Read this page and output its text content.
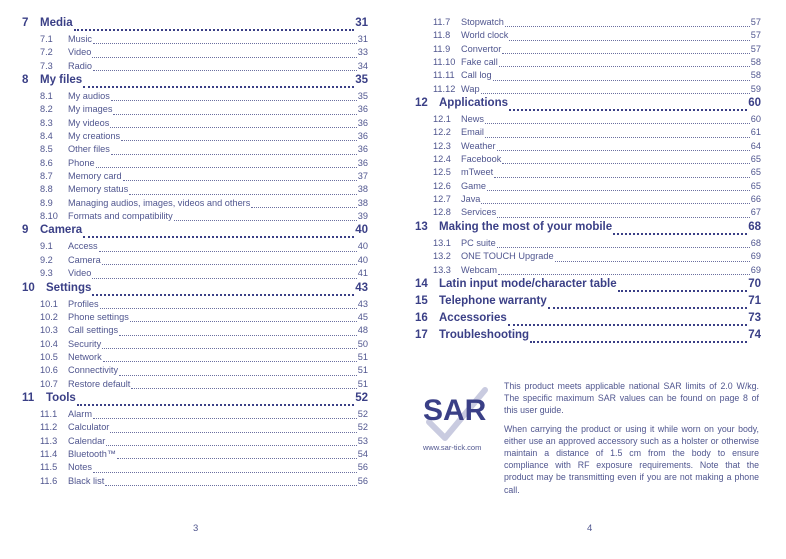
7	Media	31
7.1	Music	31
7.2	Video	33
7.3	Radio	34
8	My files	35
8.1	My audios	35
8.2	My images	36
8.3	My videos	36
8.4	My creations	36
8.5	Other files	36
8.6	Phone	36
8.7	Memory card	37
8.8	Memory status	38
8.9	Managing audios, images, videos and others	38
8.10	Formats and compatibility	39
9	Camera	40
9.1	Access	40
9.2	Camera	40
9.3	Video	41
10 Settings	43
10.1	Profiles	43
10.2	Phone settings	45
10.3	Call settings	48
10.4	Security	50
10.5	Network	51
10.6	Connectivity	51
10.7	Restore default	51
11	Tools	52
11.1	Alarm	52
11.2	Calculator	52
11.3	Calendar	53
11.4	Bluetooth™	54
11.5	Notes	56
11.6	Black list	56
3
11.7	Stopwatch	57
11.8	World clock	57
11.9	Convertor	57
11.10 Fake call	58
11.11 Call log	58
11.12 Wap	59
12 Applications	60
12.1	News	60
12.2	Email	61
12.3	Weather	64
12.4	Facebook	65
12.5	mTweet	65
12.6	Game	65
12.7	Java	66
12.8	Services	67
13 Making the most of your mobile	68
13.1	PC suite	68
13.2	ONE TOUCH Upgrade	69
13.3	Webcam	69
14 Latin input mode/character table	70
15 Telephone warranty	71
16 Accessories	73
17 Troubleshooting	74
SAR
www.sar-tick.com

This product meets applicable national SAR limits of 2.0 W/kg. The specific maximum SAR values can be found on page 8 of this user guide.

When carrying the product or using it while worn on your body, either use an approved accessory such as a holster or otherwise maintain a distance of 1.5 cm from the body to ensure compliance with RF exposure requirements. Note that the product may be transmitting even if you are not making a phone call.

4
